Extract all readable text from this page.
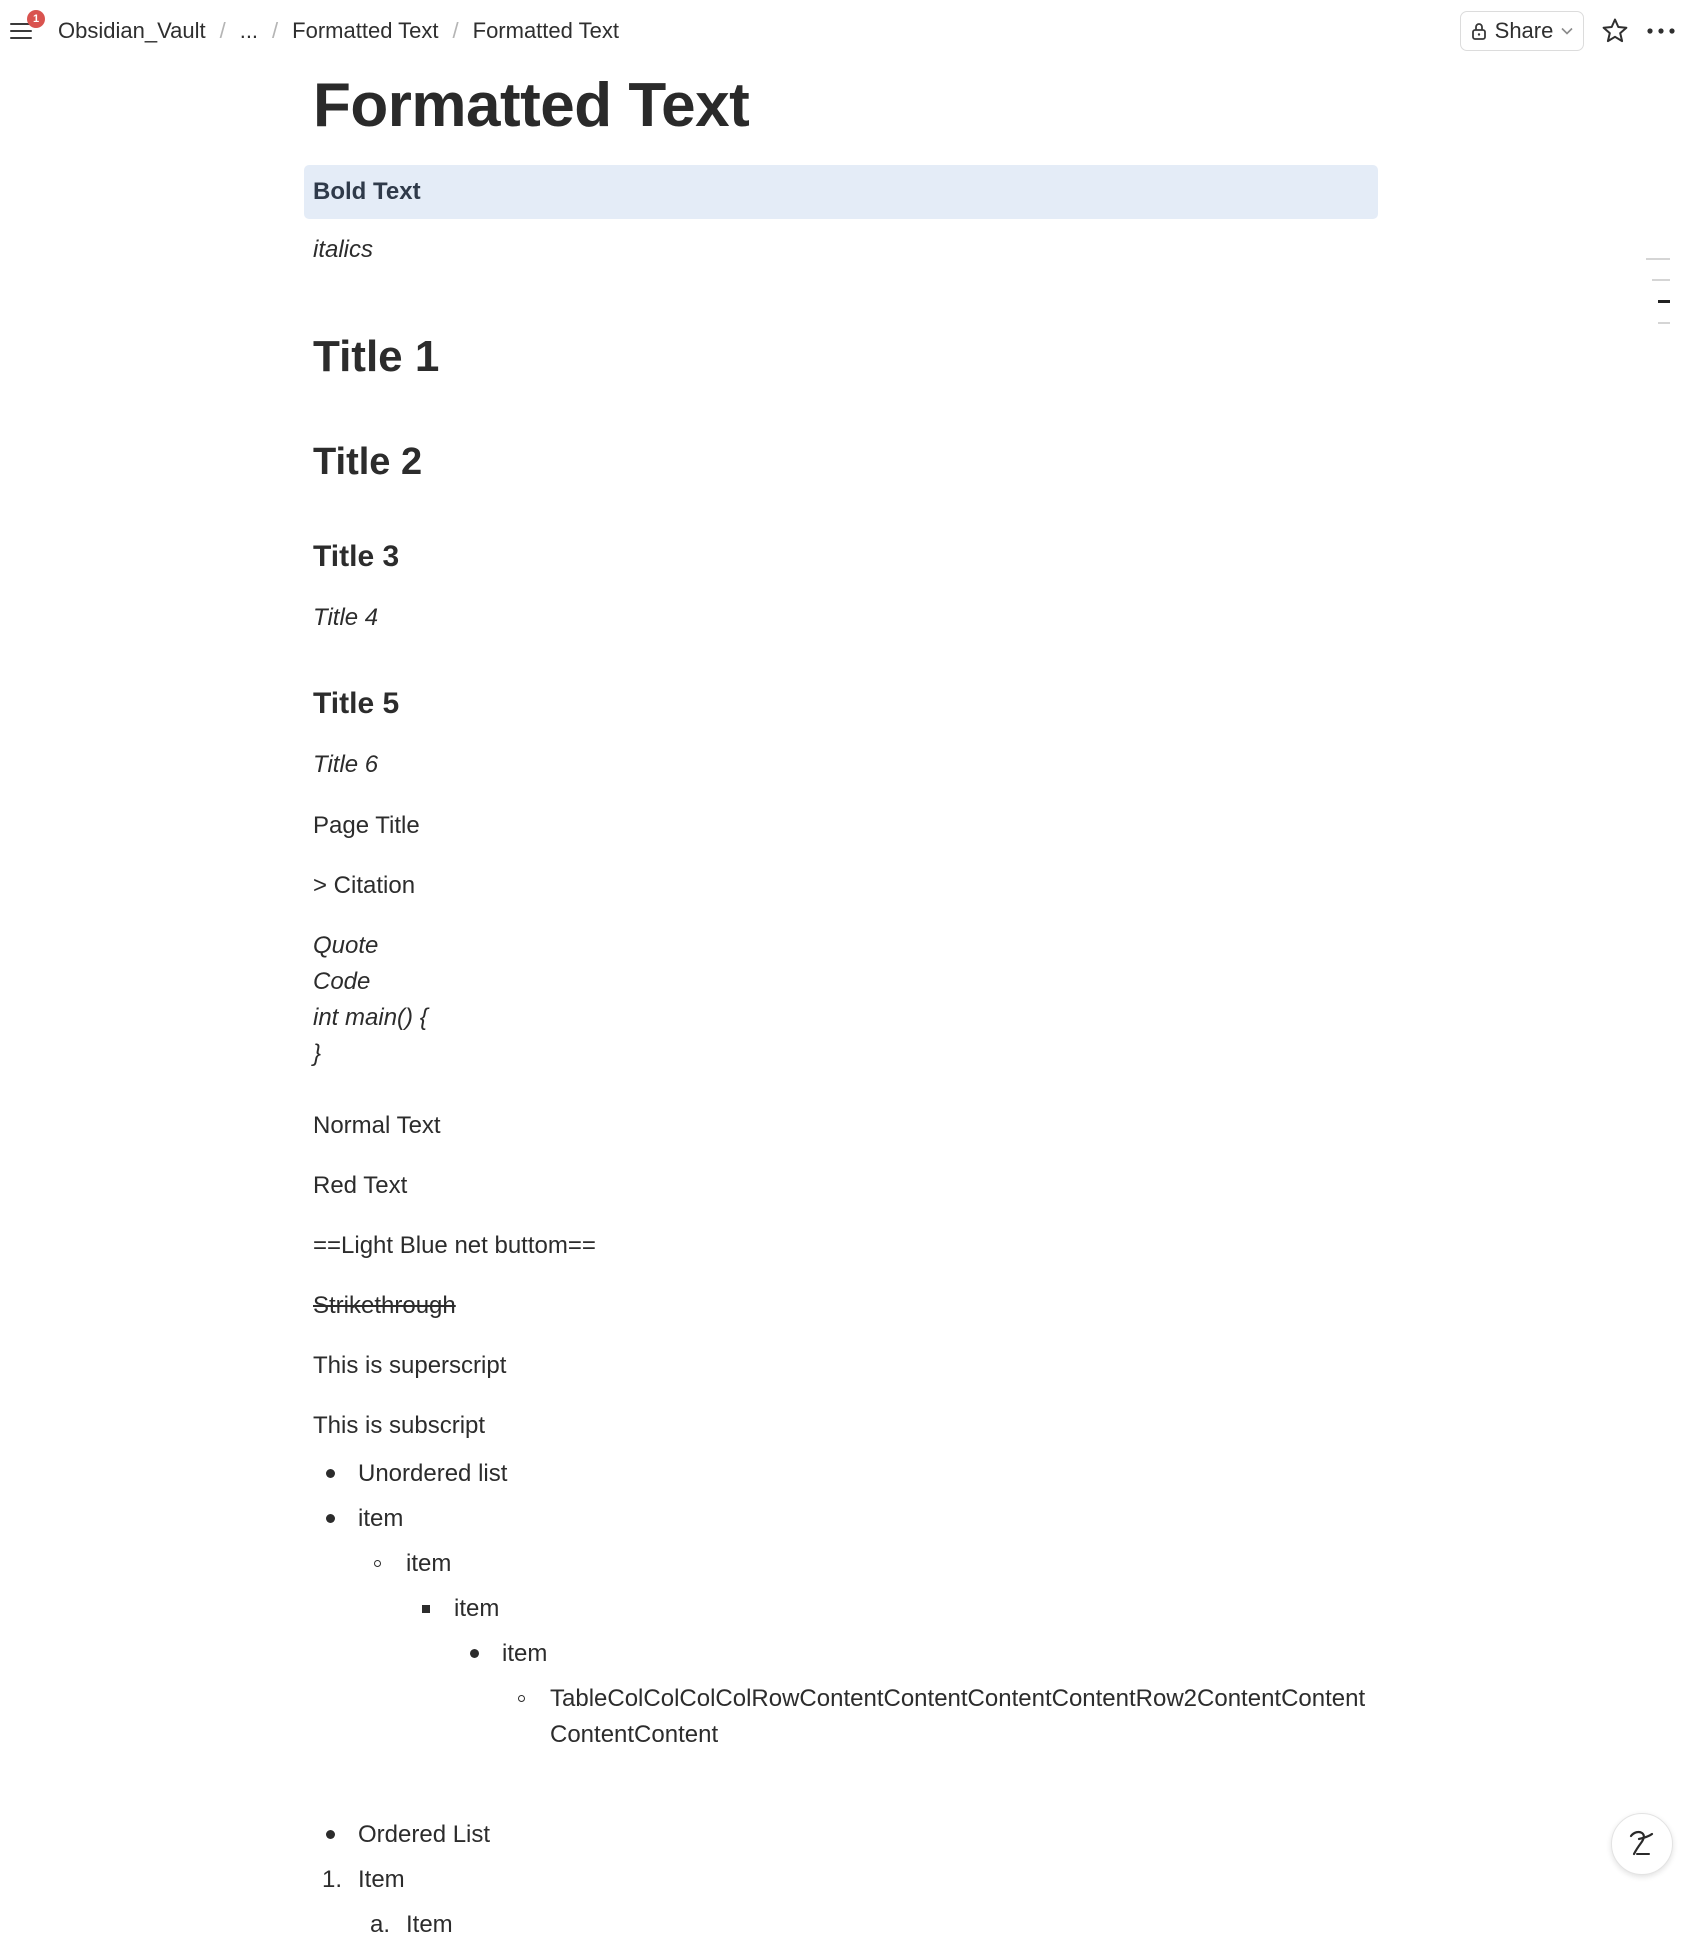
1 Obsidian_Vault / ... / Formatted Text / Formatted Text	Share
Formatted Text
Bold Text
italics
Title 1
Title 2
Title 3
Title 4
Title 5
Title 6
Page Title
> Citation
Quote
Code
int main() {
}
Normal Text
Red Text
==Light Blue net buttom==
Strikethrough
This is superscript
This is subscript
Unordered list
item
item
item
item
TableColColColColRowContentContentContentContentRow2ContentContentContentContent
Ordered List
1. Item
a. Item
